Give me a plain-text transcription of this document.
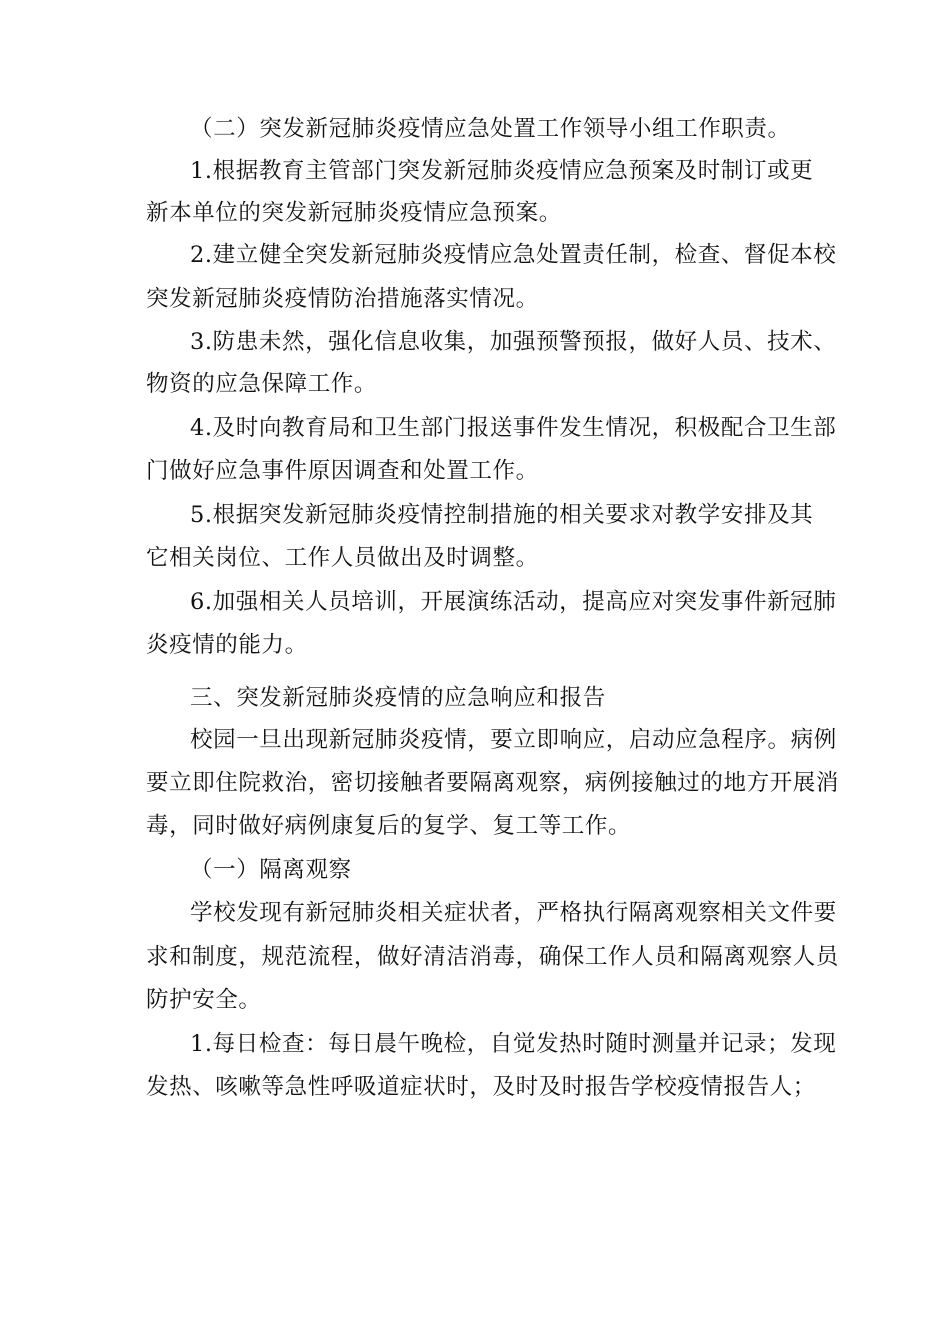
（二）突发新冠肺炎疫情应急处置工作领导小组工作职责。
1.根据教育主管部门突发新冠肺炎疫情应急预案及时制订或更
新本单位的突发新冠肺炎疫情应急预案。
2.建立健全突发新冠肺炎疫情应急处置责任制，检查、督促本校
突发新冠肺炎疫情防治措施落实情况。
3.防患未然，强化信息收集，加强预警预报，做好人员、技术、
物资的应急保障工作。
4.及时向教育局和卫生部门报送事件发生情况，积极配合卫生部
门做好应急事件原因调查和处置工作。
5.根据突发新冠肺炎疫情控制措施的相关要求对教学安排及其
它相关岗位、工作人员做出及时调整。
6.加强相关人员培训，开展演练活动，提高应对突发事件新冠肺
炎疫情的能力。
三、突发新冠肺炎疫情的应急响应和报告
校园一旦出现新冠肺炎疫情，要立即响应，启动应急程序。病例
要立即住院救治，密切接触者要隔离观察，病例接触过的地方开展消
毒，同时做好病例康复后的复学、复工等工作。
（一）隔离观察
学校发现有新冠肺炎相关症状者，严格执行隔离观察相关文件要
求和制度，规范流程，做好清洁消毒，确保工作人员和隔离观察人员
防护安全。
1.每日检查：每日晨午晚检，自觉发热时随时测量并记录；发现
发热、咳嗽等急性呼吸道症状时，及时及时报告学校疫情报告人；
